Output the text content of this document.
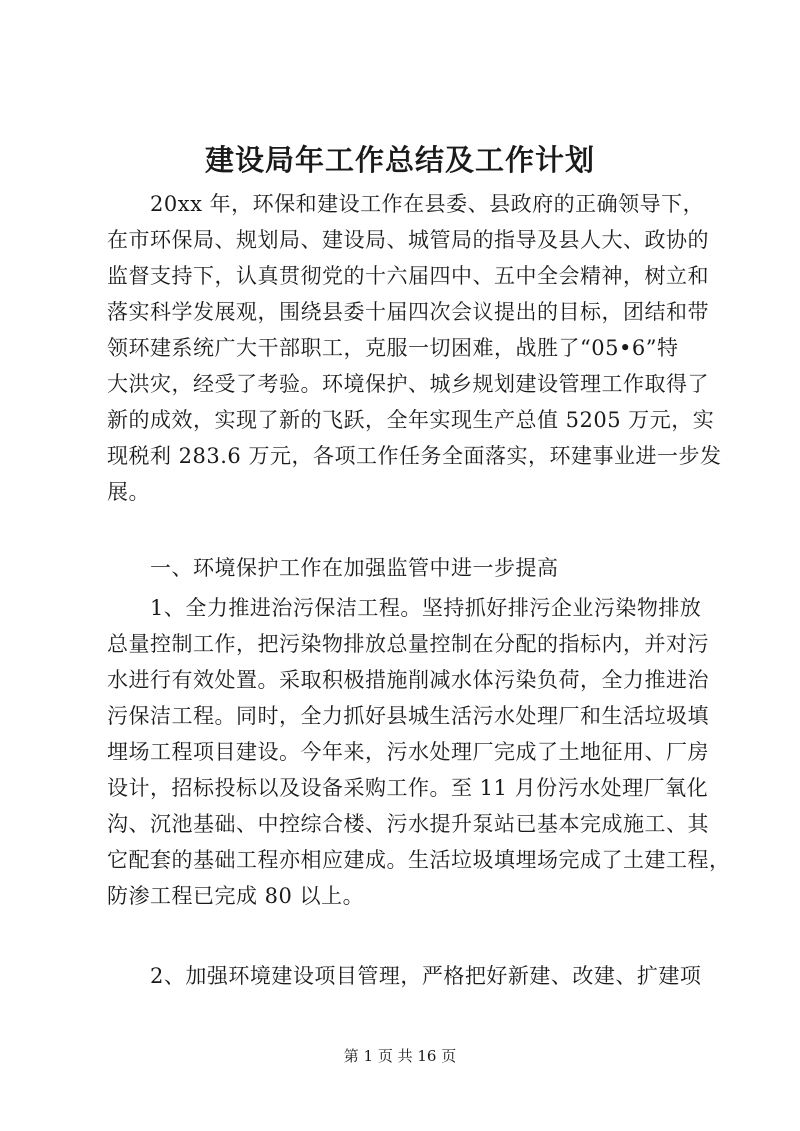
建设局年工作总结及工作计划
　　20xx 年，环保和建设工作在县委、县政府的正确领导下，
在市环保局、规划局、建设局、城管局的指导及县人大、政协的
监督支持下，认真贯彻党的十六届四中、五中全会精神，树立和
落实科学发展观，围绕县委十届四次会议提出的目标，团结和带
领环建系统广大干部职工，克服一切困难，战胜了“05•6”特
大洪灾，经受了考验。环境保护、城乡规划建设管理工作取得了
新的成效，实现了新的飞跃，全年实现生产总值 5205 万元，实
现税利 283.6 万元，各项工作任务全面落实，环建事业进一步发
展。
　　一、环境保护工作在加强监管中进一步提高
　　1、全力推进治污保洁工程。坚持抓好排污企业污染物排放
总量控制工作，把污染物排放总量控制在分配的指标内，并对污
水进行有效处置。采取积极措施削减水体污染负荷，全力推进治
污保洁工程。同时，全力抓好县城生活污水处理厂和生活垃圾填
埋场工程项目建设。今年来，污水处理厂完成了土地征用、厂房
设计，招标投标以及设备采购工作。至 11 月份污水处理厂氧化
沟、沉池基础、中控综合楼、污水提升泵站已基本完成施工、其
它配套的基础工程亦相应建成。生活垃圾填埋场完成了土建工程，
防渗工程已完成 80 以上。
　　2、加强环境建设项目管理，严格把好新建、改建、扩建项
第 1 页 共 16 页
